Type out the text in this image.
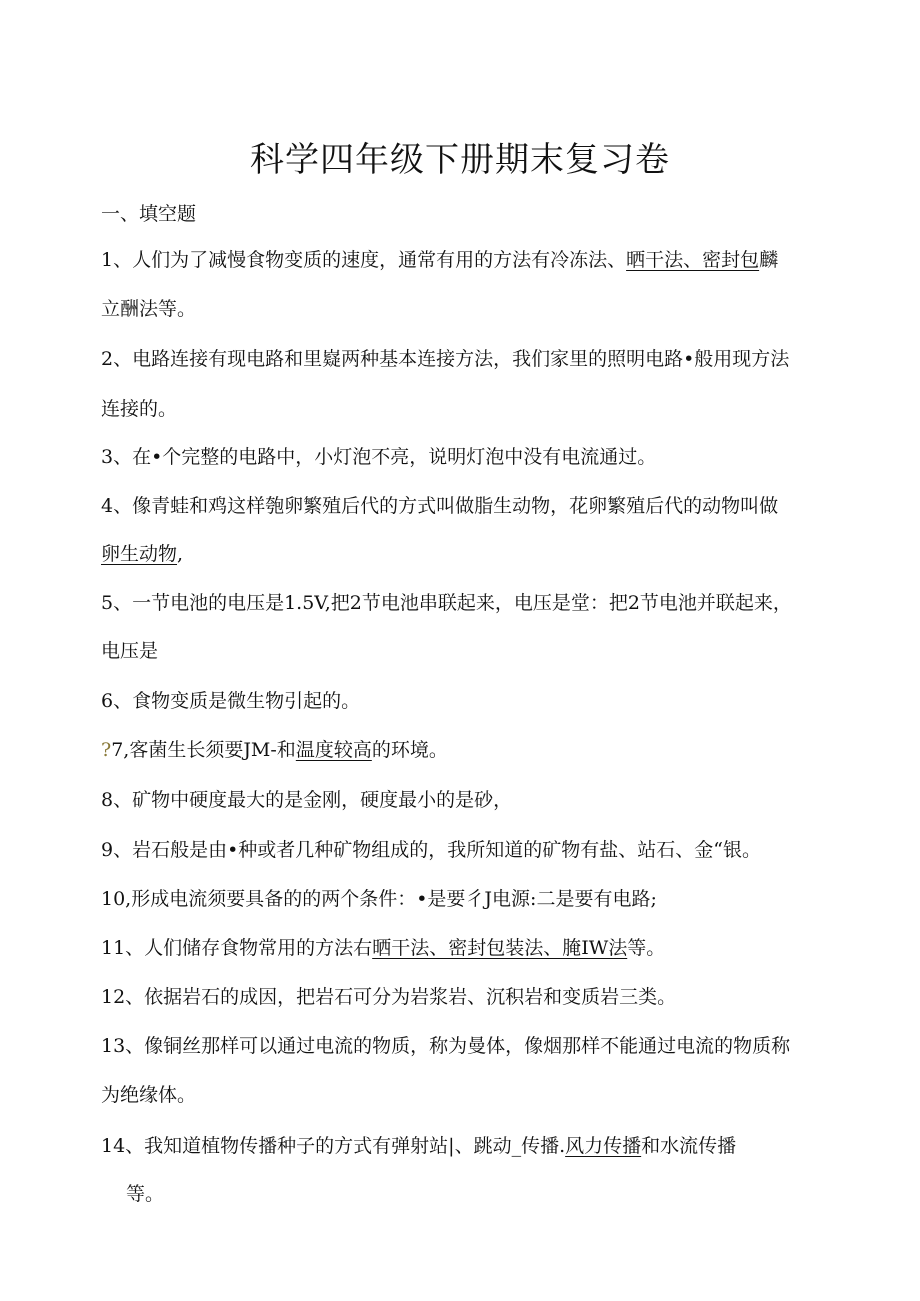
科学四年级下册期末复习卷
一、填空题
1、人们为了减慢食物变质的速度，通常有用的方法有冷冻法、晒干法、密封包麟
立酬法等。
2、电路连接有现电路和里嶷两种基本连接方法，我们家里的照明电路•般用现方法
连接的。
3、在•个完整的电路中，小灯泡不亮，说明灯泡中没有电流通过。
4、像青蛙和鸡这样匏卵繁殖后代的方式叫做脂生动物，花卵繁殖后代的动物叫做
卵生动物,
5、一节电池的电压是1.5V,把2节电池串联起来，电压是堂：把2节电池并联起来，
电压是
6、食物变质是微生物引起的。
?7,客菌生长须要JM-和温度较高的环境。
8、矿物中硬度最大的是金刚，硬度最小的是砂，
9、岩石般是由•种或者几种矿物组成的，我所知道的矿物有盐、站石、金“银。
10,形成电流须要具备的的两个条件：•是要彳J电源:二是要有电路;
11、人们储存食物常用的方法右晒干法、密封包装法、腌IW法等。
12、依据岩石的成因，把岩石可分为岩浆岩、沉积岩和变质岩三类。
13、像铜丝那样可以通过电流的物质，称为曼体，像烟那样不能通过电流的物质称
为绝缘体。
14、我知道植物传播种子的方式有弹射站|、跳动_传播.风力传播和水流传播
等。
